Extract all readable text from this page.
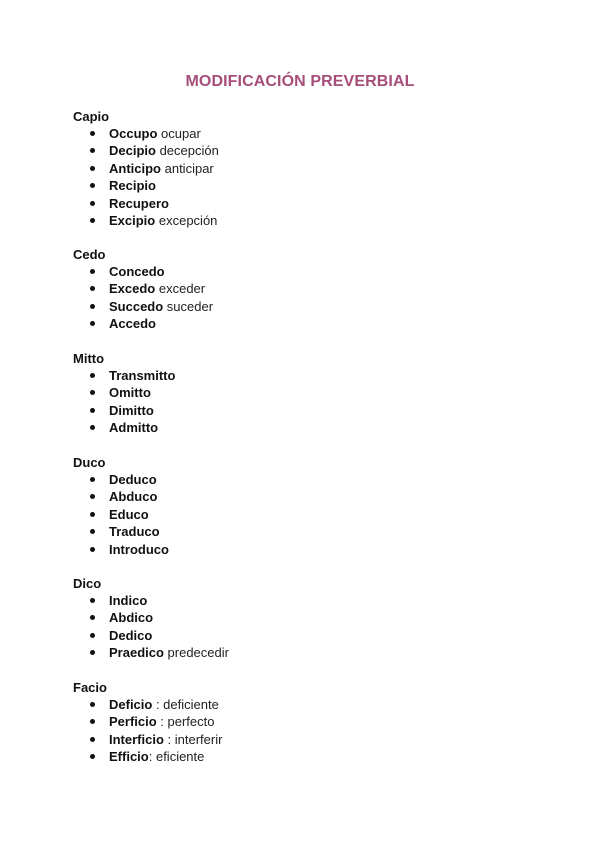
MODIFICACIÓN PREVERBIAL
Capio
Occupo ocupar
Decipio decepción
Anticipo anticipar
Recipio
Recupero
Excipio excepción
Cedo
Concedo
Excedo exceder
Succedo suceder
Accedo
Mitto
Transmitto
Omitto
Dimitto
Admitto
Duco
Deduco
Abduco
Educo
Traduco
Introduco
Dico
Indico
Abdico
Dedico
Praedico predecedir
Facio
Deficio : deficiente
Perficio : perfecto
Interficio : interferir
Efficio: eficiente
